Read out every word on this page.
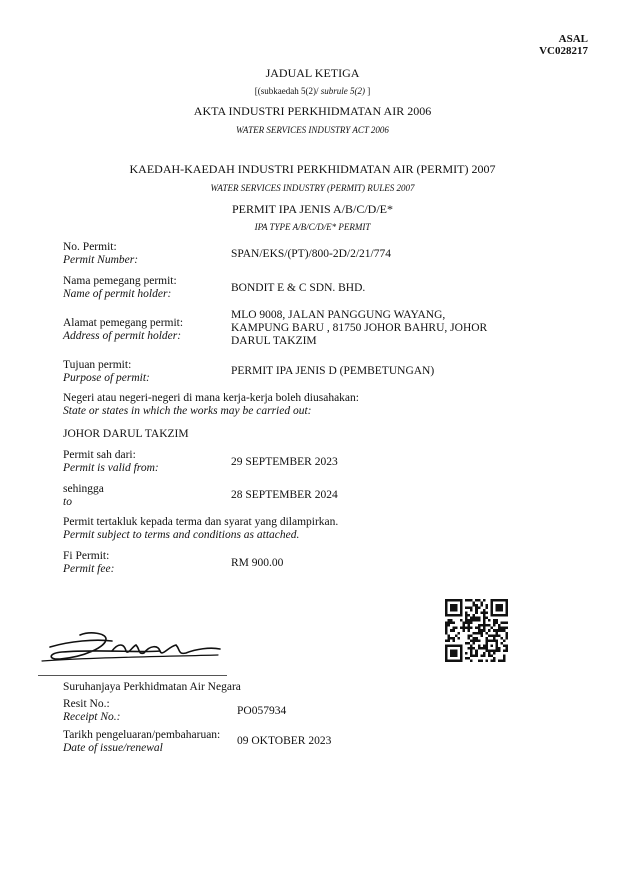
ASAL
VC028217
JADUAL KETIGA
[(subkaedah 5(2)/ subrule 5(2) ]
AKTA INDUSTRI PERKHIDMATAN AIR 2006
WATER SERVICES INDUSTRY ACT 2006
KAEDAH-KAEDAH INDUSTRI PERKHIDMATAN AIR (PERMIT) 2007
WATER SERVICES INDUSTRY (PERMIT) RULES 2007
PERMIT IPA JENIS A/B/C/D/E*
IPA TYPE A/B/C/D/E* PERMIT
No. Permit:
Permit Number:	SPAN/EKS/(PT)/800-2D/2/21/774
Nama pemegang permit:
Name of permit holder:	BONDIT E & C SDN. BHD.
Alamat pemegang permit:
Address of permit holder:
MLO 9008, JALAN PANGGUNG WAYANG, KAMPUNG BARU , 81750 JOHOR BAHRU, JOHOR DARUL TAKZIM
Tujuan permit:
Purpose of permit:
PERMIT IPA JENIS D (PEMBETUNGAN)
Negeri atau negeri-negeri di mana kerja-kerja boleh diusahakan:
State or states in which the works may be carried out:
JOHOR DARUL TAKZIM
Permit sah dari:
Permit is valid from:	29 SEPTEMBER 2023
sehingga
to
28 SEPTEMBER 2024
Permit tertakluk kepada terma dan syarat yang dilampirkan.
Permit subject to terms and conditions as attached.
Fi Permit:
Permit fee:	RM 900.00
Suruhanjaya Perkhidmatan Air Negara
Resit No.:
Receipt No.:	PO057934
Tarikh pengeluaran/pembaharuan:
Date of issue/renewal
09 OKTOBER 2023
